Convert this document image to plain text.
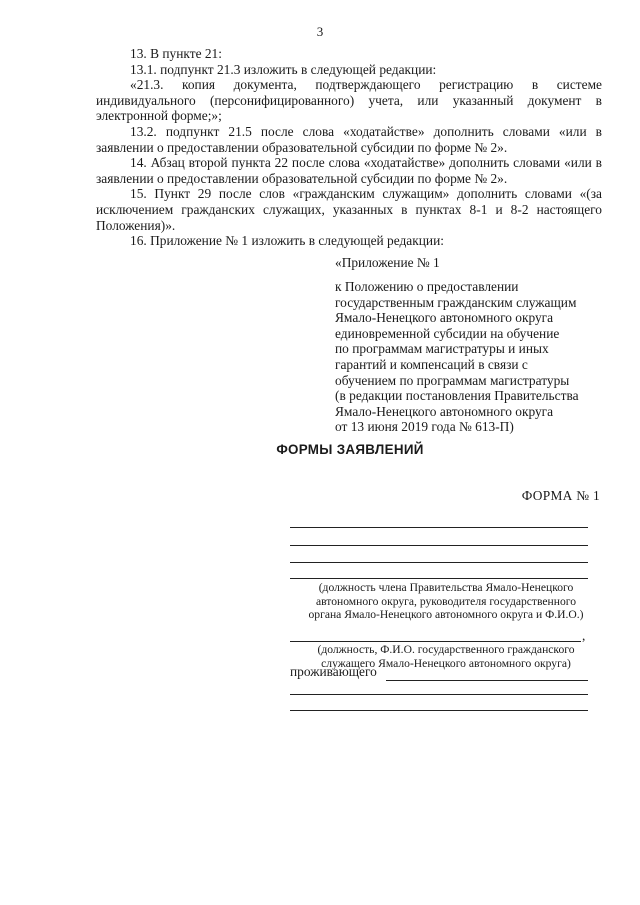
3

13. В пункте 21:

13.1. подпункт 21.3 изложить в следующей редакции:

«21.3. копия документа, подтверждающего регистрацию в системе индивидуального (персонифицированного) учета, или указанный документ в электронной форме;»;

13.2. подпункт 21.5 после слова «ходатайстве» дополнить словами «или в заявлении о предоставлении образовательной субсидии по форме № 2».

14. Абзац второй пункта 22 после слова «ходатайстве» дополнить словами «или в заявлении о предоставлении образовательной субсидии по форме № 2».

15. Пункт 29 после слов «гражданским служащим» дополнить словами «(за исключением гражданских служащих, указанных в пунктах 8-1 и 8-2 настоящего Положения)».

16. Приложение № 1 изложить в следующей редакции:

«Приложение № 1
к Положению о предоставлении
государственным гражданским служащим
Ямало-Ненецкого автономного округа
единовременной субсидии на обучение
по программам магистратуры и иных
гарантий и компенсаций в связи с
обучением по программам магистратуры
(в редакции постановления Правительства
Ямало-Ненецкого автономного округа
от 13 июня 2019 года № 613-П)
ФОРМЫ ЗАЯВЛЕНИЙ
ФОРМА № 1
(должность члена Правительства Ямало-Ненецкого
автономного округа, руководителя государственного
органа Ямало-Ненецкого автономного округа и Ф.И.О.)
,
(должность, Ф.И.О. государственного гражданского
служащего Ямало-Ненецкого автономного округа)
проживающего
